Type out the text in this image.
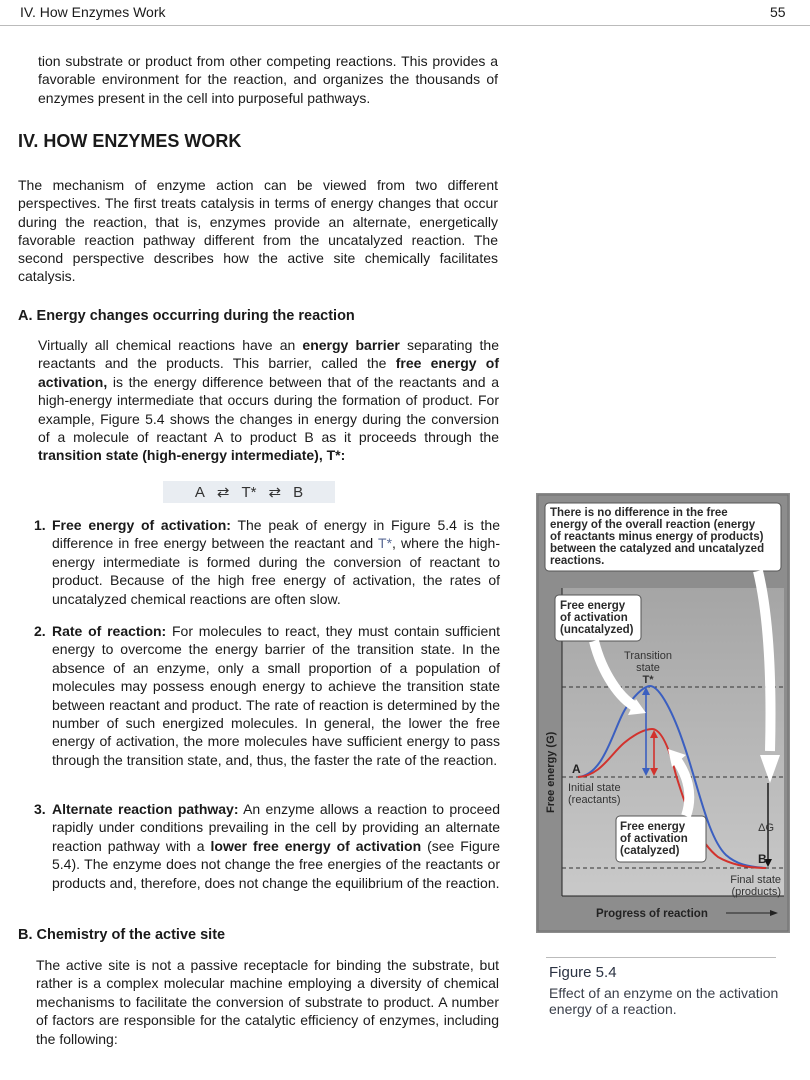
IV. How Enzymes Work	55

tion substrate or product from other competing reactions. This provides a favorable environment for the reaction, and organizes the thousands of enzymes present in the cell into purposeful pathways.

IV. HOW ENZYMES WORK

The mechanism of enzyme action can be viewed from two different perspectives. The first treats catalysis in terms of energy changes that occur during the reaction, that is, enzymes provide an alternate, energetically favorable reaction pathway different from the uncatalyzed reaction. The second perspective describes how the active site chemically facilitates catalysis.

A. Energy changes occurring during the reaction

Virtually all chemical reactions have an energy barrier separating the reactants and the products. This barrier, called the free energy of activation, is the energy difference between that of the reactants and a high-energy intermediate that occurs during the formation of product. For example, Figure 5.4 shows the changes in energy during the conversion of a molecule of reactant A to product B as it proceeds through the transition state (high-energy intermediate), T*:

A ⇄ T* ⇄ B
1. Free energy of activation: The peak of energy in Figure 5.4 is the difference in free energy between the reactant and T*, where the high-energy intermediate is formed during the conversion of reactant to product. Because of the high free energy of activation, the rates of uncatalyzed chemical reactions are often slow.

2. Rate of reaction: For molecules to react, they must contain sufficient energy to overcome the energy barrier of the transition state. In the absence of an enzyme, only a small proportion of a population of molecules may possess enough energy to achieve the transition state between reactant and product. The rate of reaction is determined by the number of such energized molecules. In general, the lower the free energy of activation, the more molecules have sufficient energy to pass through the transition state, and, thus, the faster the rate of the reaction.

3. Alternate reaction pathway: An enzyme allows a reaction to proceed rapidly under conditions prevailing in the cell by providing an alternate reaction pathway with a lower free energy of activation (see Figure 5.4). The enzyme does not change the free energies of the reactants or products and, therefore, does not change the equilibrium of the reaction.

B. Chemistry of the active site

The active site is not a passive receptacle for binding the substrate, but rather is a complex molecular machine employing a diversity of chemical mechanisms to facilitate the conversion of substrate to product. A number of factors are responsible for the catalytic efficiency of enzymes, including the following:

There is no difference in the free
energy of the overall reaction (energy
of reactants minus energy of products)
between the catalyzed and uncatalyzed
reactions.
Free energy
of activation
(uncatalyzed)
Free energy
of activation
(catalyzed)
Transition
state
T*
Initial state
(reactants)
Final state
(products)
ΔG
A
B
Free energy (G)
Progress of reaction
Figure 5.4
Effect of an enzyme on the activation energy of a reaction.
